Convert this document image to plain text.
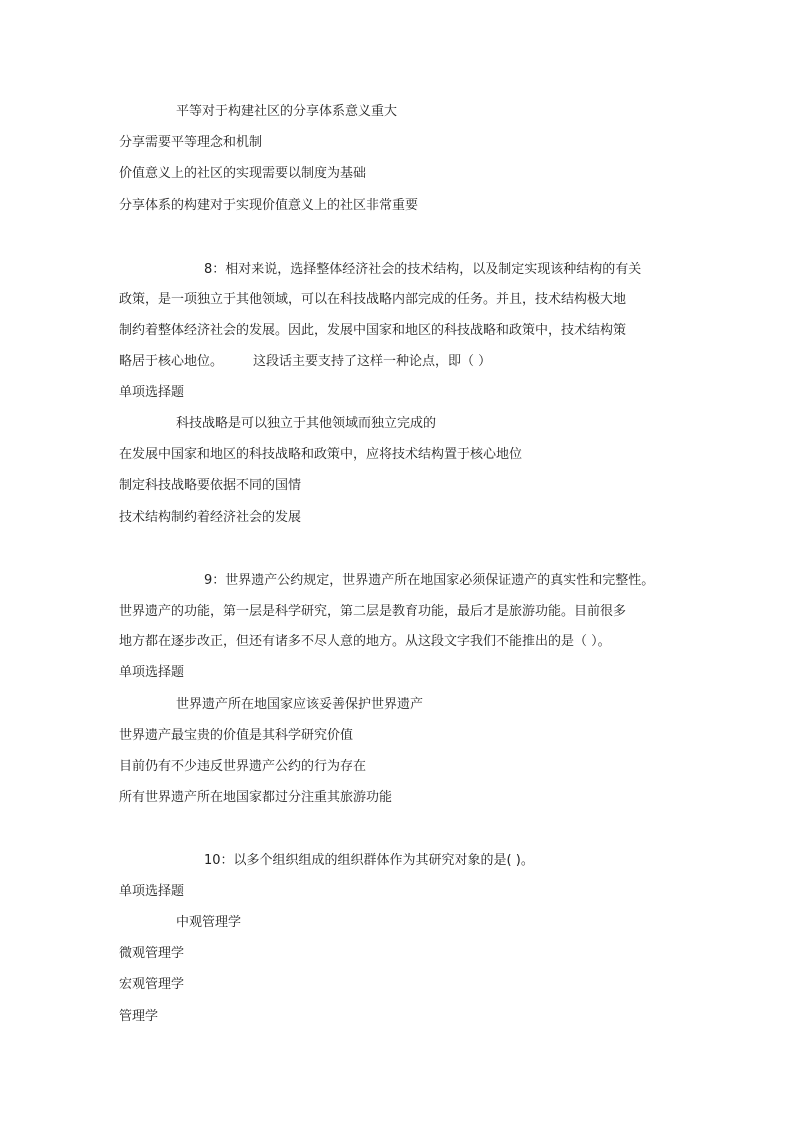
平等对于构建社区的分享体系意义重大
分享需要平等理念和机制
价值意义上的社区的实现需要以制度为基础
分享体系的构建对于实现价值意义上的社区非常重要
8：相对来说，选择整体经济社会的技术结构，以及制定实现该种结构的有关
政策，是一项独立于其他领域，可以在科技战略内部完成的任务。并且，技术结构极大地
制约着整体经济社会的发展。因此，发展中国家和地区的科技战略和政策中，技术结构策
略居于核心地位。 这段话主要支持了这样一种论点，即（ ）
单项选择题
科技战略是可以独立于其他领域而独立完成的
在发展中国家和地区的科技战略和政策中，应将技术结构置于核心地位
制定科技战略要依据不同的国情
技术结构制约着经济社会的发展
9：世界遗产公约规定，世界遗产所在地国家必须保证遗产的真实性和完整性。
世界遗产的功能，第一层是科学研究，第二层是教育功能，最后才是旅游功能。目前很多
地方都在逐步改正，但还有诸多不尽人意的地方。从这段文字我们不能推出的是（ ）。
单项选择题
世界遗产所在地国家应该妥善保护世界遗产
世界遗产最宝贵的价值是其科学研究价值
目前仍有不少违反世界遗产公约的行为存在
所有世界遗产所在地国家都过分注重其旅游功能
10：以多个组织组成的组织群体作为其研究对象的是( )。
单项选择题
中观管理学
微观管理学
宏观管理学
管理学
